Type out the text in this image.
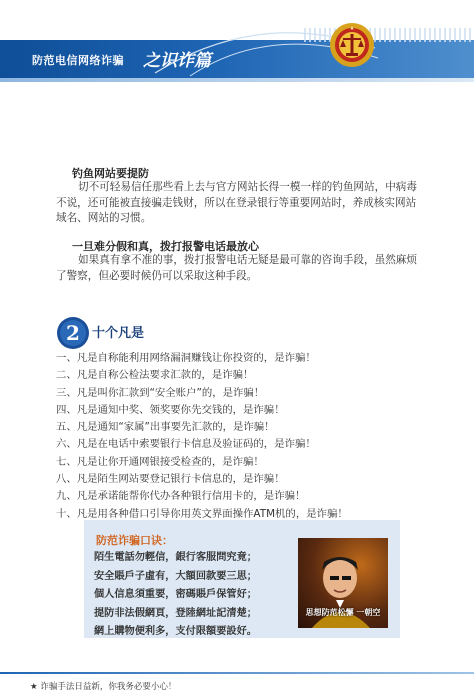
防范电信网络诈骗 之识诈篇
钓鱼网站要提防
切不可轻易信任那些看上去与官方网站长得一模一样的钓鱼网站，中病毒不说，还可能被直接骗走钱财，所以在登录银行等重要网站时，养成核实网站域名、网站的习惯。
一旦难分假和真，拨打报警电话最放心
如果真有拿不准的事，拨打报警电话无疑是最可靠的咨询手段，虽然麻烦了警察，但必要时候仍可以采取这种手段。
2 十个凡是
一、凡是自称能利用网络漏洞赚钱让你投资的，是诈骗！
二、凡是自称公检法要求汇款的，是诈骗！
三、凡是叫你汇款到“安全账户”的，是诈骗！
四、凡是通知中奖、领奖要你先交钱的，是诈骗！
五、凡是通知“家属”出事要先汇款的，是诈骗！
六、凡是在电话中索要银行卡信息及验证码的，是诈骗！
七、凡是让你开通网银接受检查的，是诈骗！
八、凡是陌生网站要登记银行卡信息的，是诈骗！
九、凡是承诺能帮你代办各种银行信用卡的，是诈骗！
十、凡是用各种借口引导你用英文界面操作ATM机的，是诈骗！
防范诈骗口诀：
陌生電話勿輕信，銀行客服問究竟；
安全賬戶子虛有，大額回款要三思；
個人信息須重要，密碼賬戶保管好；
提防非法假網頁，登陸網址記清楚；
網上購物便利多，支付限額要設好。
思想防范松懈 一朝空
★ 诈骗手法日益新，你我务必要小心！
